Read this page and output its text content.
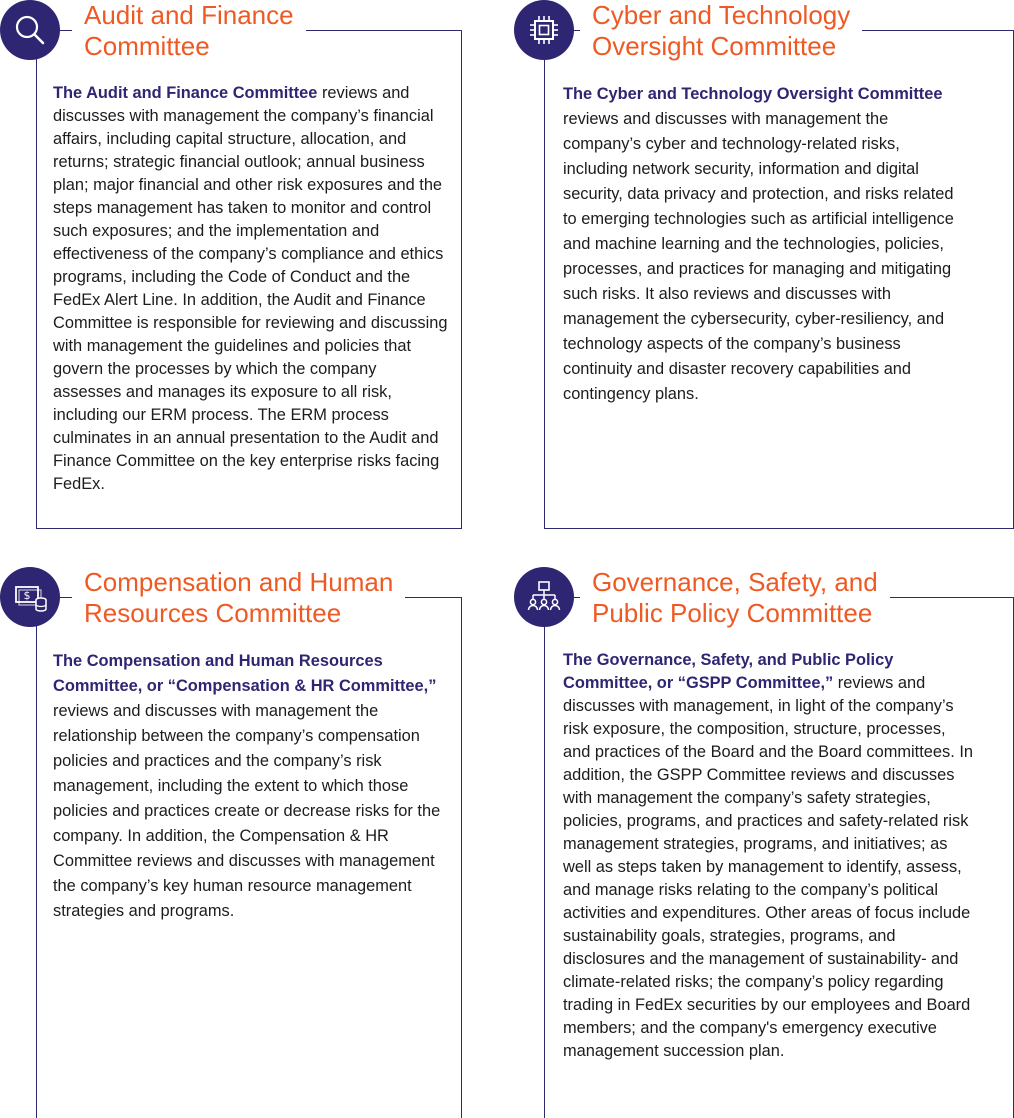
Audit and Finance
Committee
The Audit and Finance Committee reviews and discusses with management the company’s financial affairs, including capital structure, allocation, and returns; strategic financial outlook; annual business plan; major financial and other risk exposures and the steps management has taken to monitor and control such exposures; and the implementation and effectiveness of the company’s compliance and ethics programs, including the Code of Conduct and the FedEx Alert Line. In addition, the Audit and Finance Committee is responsible for reviewing and discussing with management the guidelines and policies that govern the processes by which the company assesses and manages its exposure to all risk, including our ERM process. The ERM process culminates in an annual presentation to the Audit and Finance Committee on the key enterprise risks facing FedEx.
Cyber and Technology
Oversight Committee
The Cyber and Technology Oversight Committee reviews and discusses with management the company’s cyber and technology-related risks, including network security, information and digital security, data privacy and protection, and risks related to emerging technologies such as artificial intelligence and machine learning and the technologies, policies, processes, and practices for managing and mitigating such risks. It also reviews and discusses with management the cybersecurity, cyber-resiliency, and technology aspects of the company’s business continuity and disaster recovery capabilities and contingency plans.
$	Compensation and Human
Resources Committee
The Compensation and Human Resources Committee, or “Compensation & HR Committee,” reviews and discusses with management the relationship between the company’s compensation policies and practices and the company’s risk management, including the extent to which those policies and practices create or decrease risks for the company. In addition, the Compensation & HR Committee reviews and discusses with management the company’s key human resource management strategies and programs.
Governance, Safety, and
Public Policy Committee
The Governance, Safety, and Public Policy Committee, or “GSPP Committee,” reviews and discusses with management, in light of the company’s risk exposure, the composition, structure, processes, and practices of the Board and the Board committees. In addition, the GSPP Committee reviews and discusses with management the company’s safety strategies, policies, programs, and practices and safety-related risk management strategies, programs, and initiatives; as well as steps taken by management to identify, assess, and manage risks relating to the company’s political activities and expenditures. Other areas of focus include sustainability goals, strategies, programs, and disclosures and the management of sustainability- and climate-related risks; the company’s policy regarding trading in FedEx securities by our employees and Board members; and the company's emergency executive management succession plan.
